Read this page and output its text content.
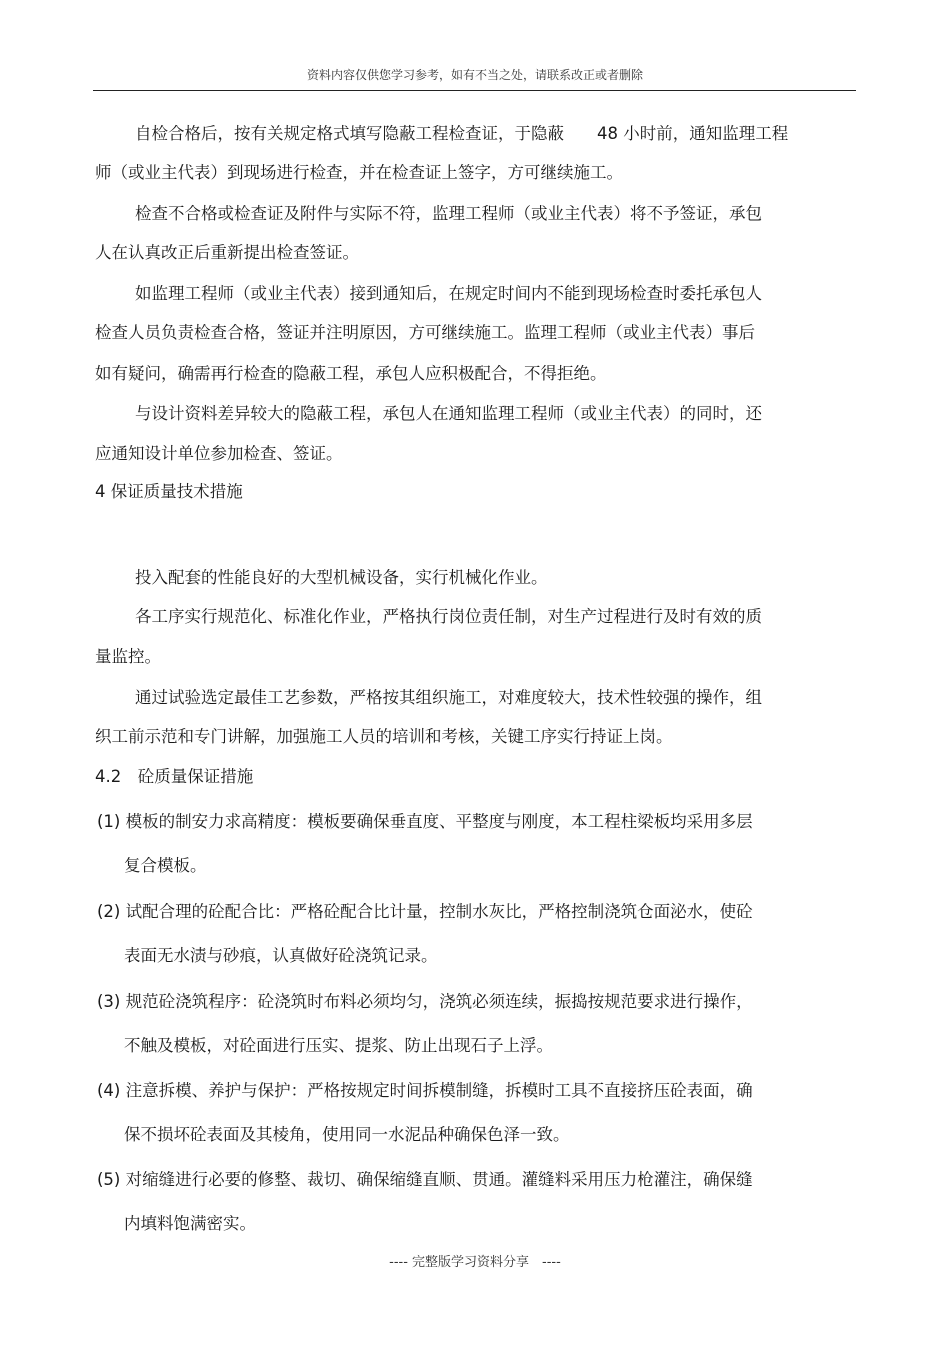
资料内容仅供您学习参考，如有不当之处，请联系改正或者删除
自检合格后，按有关规定格式填写隐蔽工程检查证，于隐蔽　　48 小时前，通知监理工程
师（或业主代表）到现场进行检查，并在检查证上签字，方可继续施工。
检查不合格或检查证及附件与实际不符，监理工程师（或业主代表）将不予签证，承包
人在认真改正后重新提出检查签证。
如监理工程师（或业主代表）接到通知后，在规定时间内不能到现场检查时委托承包人
检查人员负责检查合格，签证并注明原因，方可继续施工。监理工程师（或业主代表）事后
如有疑问，确需再行检查的隐蔽工程，承包人应积极配合，不得拒绝。
与设计资料差异较大的隐蔽工程，承包人在通知监理工程师（或业主代表）的同时，还
应通知设计单位参加检查、签证。
4 保证质量技术措施
投入配套的性能良好的大型机械设备，实行机械化作业。
各工序实行规范化、标准化作业，严格执行岗位责任制，对生产过程进行及时有效的质
量监控。
通过试验选定最佳工艺参数，严格按其组织施工，对难度较大，技术性较强的操作，组
织工前示范和专门讲解，加强施工人员的培训和考核，关键工序实行持证上岗。
4.2　砼质量保证措施
(1) 模板的制安力求高精度：模板要确保垂直度、平整度与刚度，本工程柱梁板均采用多层
复合模板。
(2) 试配合理的砼配合比：严格砼配合比计量，控制水灰比，严格控制浇筑仓面泌水，使砼
表面无水渍与砂痕，认真做好砼浇筑记录。
(3) 规范砼浇筑程序：砼浇筑时布料必须均匀，浇筑必须连续，振捣按规范要求进行操作，
不触及模板，对砼面进行压实、提浆、防止出现石子上浮。
(4) 注意拆模、养护与保护：严格按规定时间拆模制缝，拆模时工具不直接挤压砼表面，确
保不损坏砼表面及其棱角，使用同一水泥品种确保色泽一致。
(5) 对缩缝进行必要的修整、裁切、确保缩缝直顺、贯通。灌缝料采用压力枪灌注，确保缝
内填料饱满密实。
---- 完整版学习资料分享　----
